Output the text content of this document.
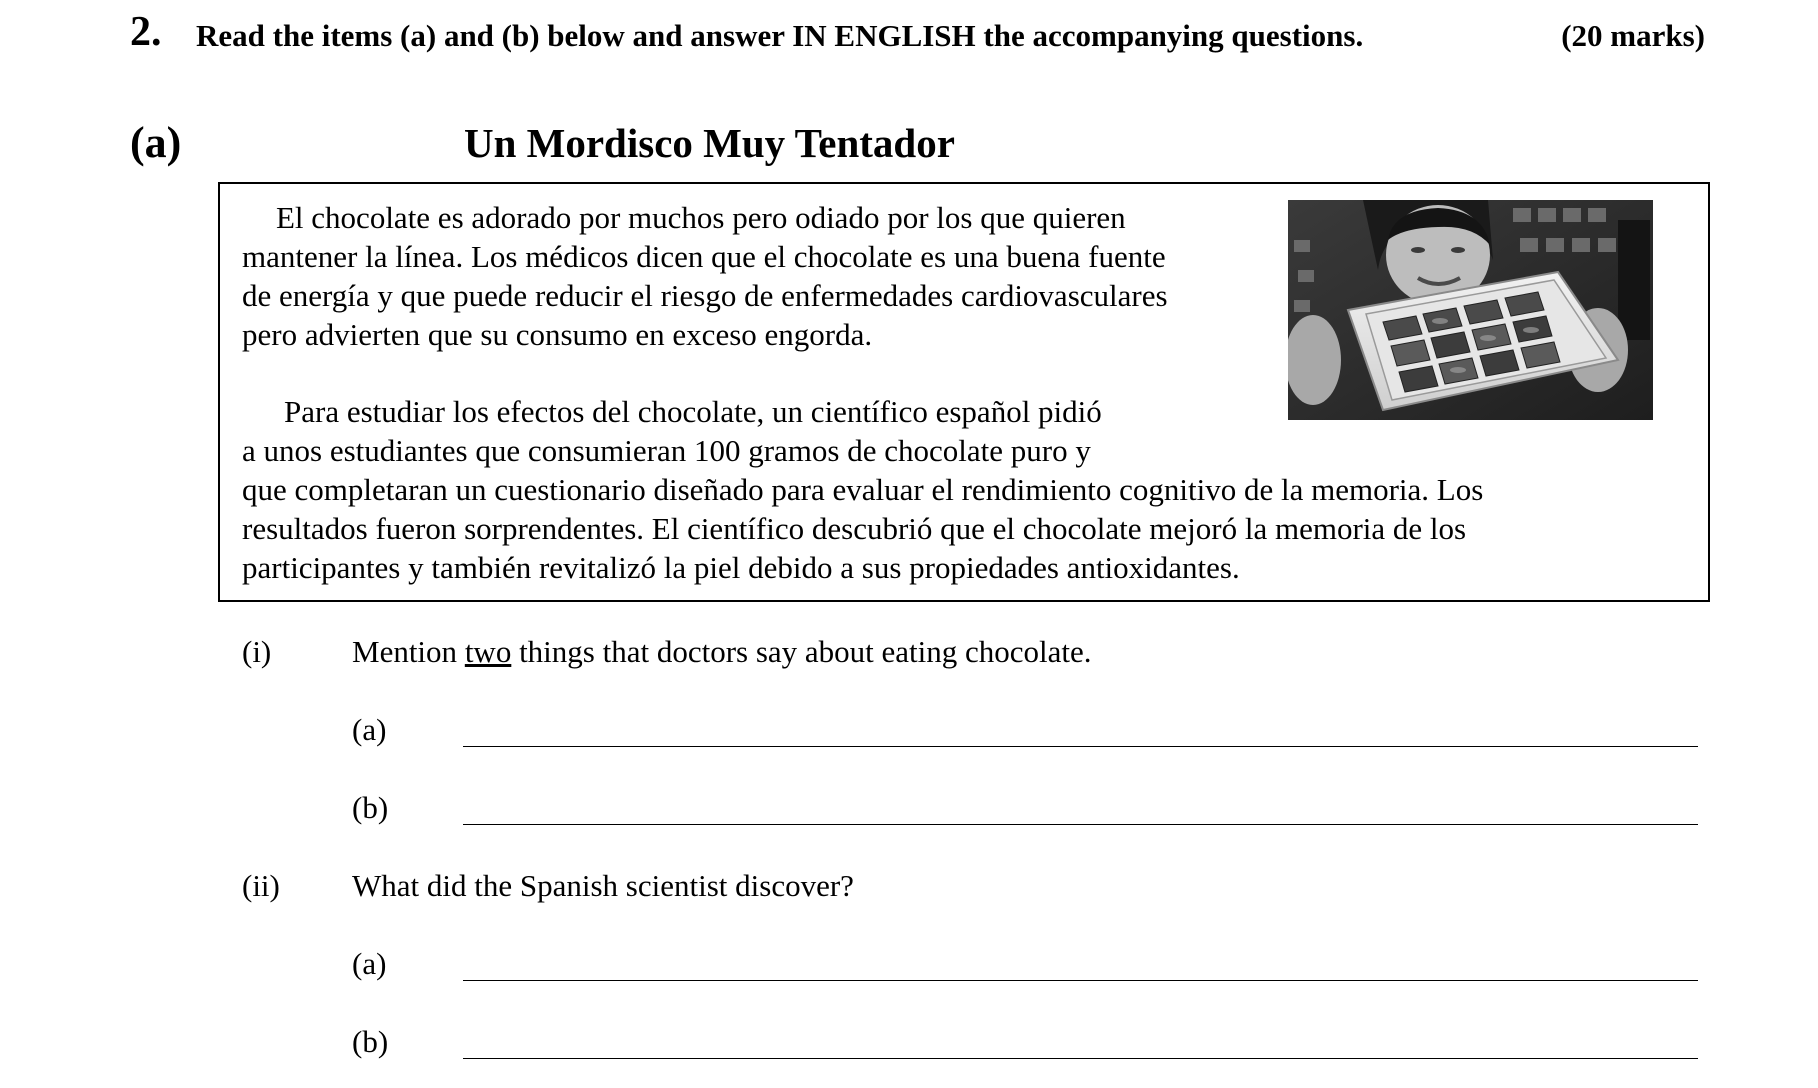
2. Read the items (a) and (b) below and answer IN ENGLISH the accompanying questions.	(20 marks)
(a)	Un Mordisco Muy Tentador
El chocolate es adorado por muchos pero odiado por los que quieren
mantener la línea. Los médicos dicen que el chocolate es una buena fuente
de energía y que puede reducir el riesgo de enfermedades cardiovasculares
pero advierten que su consumo en exceso engorda.
Para estudiar los efectos del chocolate, un científico español pidió
a unos estudiantes que consumieran 100 gramos de chocolate puro y
que completaran un cuestionario diseñado para evaluar el rendimiento cognitivo de la memoria. Los
resultados fueron sorprendentes. El científico descubrió que el chocolate mejoró la memoria de los
participantes y también revitalizó la piel debido a sus propiedades antioxidantes.
(i)	Mention two things that doctors say about eating chocolate.
(a)
(b)
(ii) What did the Spanish scientist discover?
(a)
(b)
